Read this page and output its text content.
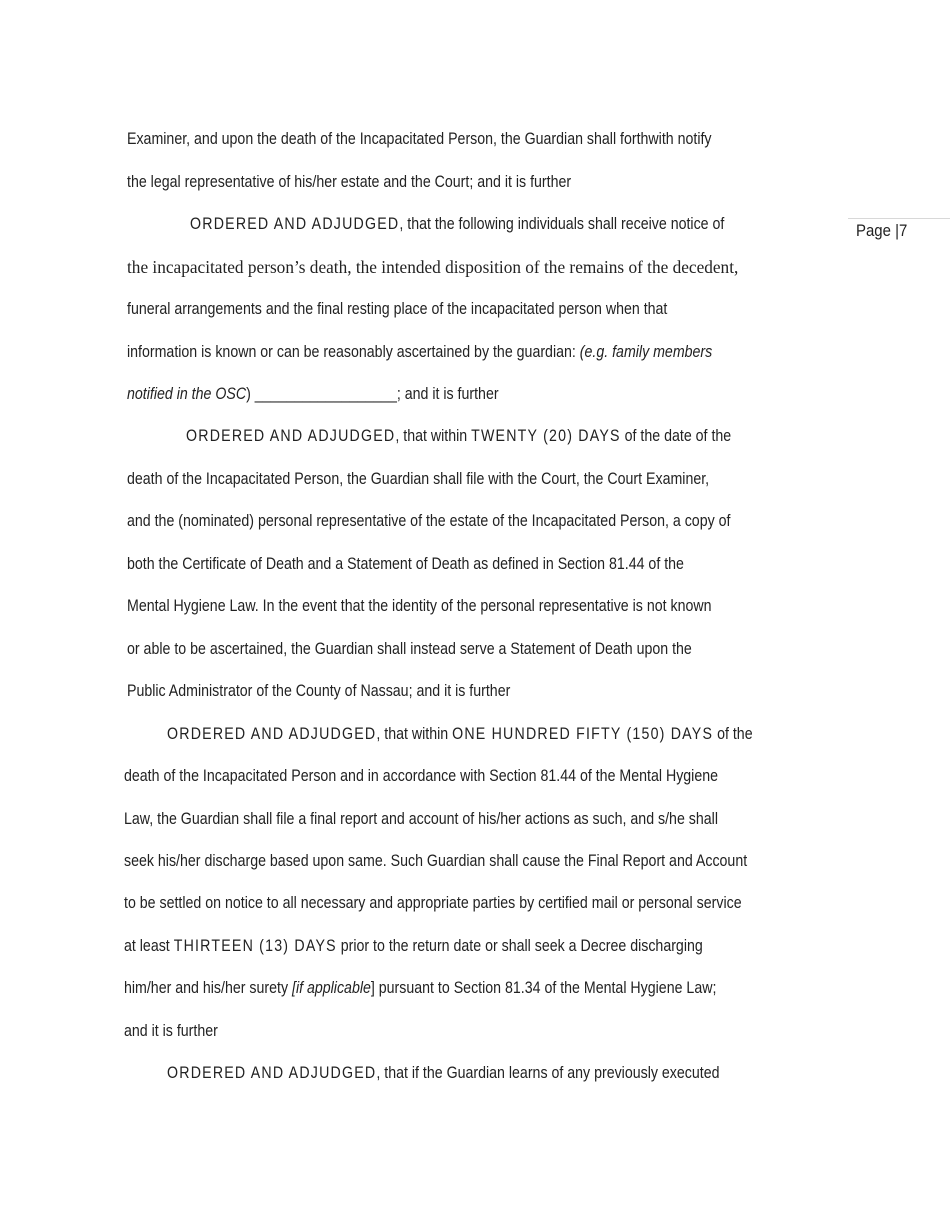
Page |7
Examiner, and upon the death of the Incapacitated Person, the Guardian shall forthwith notify
the legal representative of his/her estate and the Court; and it is further
ORDERED AND ADJUDGED, that the following individuals shall receive notice of
the incapacitated person’s death, the intended disposition of the remains of the decedent,
funeral arrangements and the final resting place of the incapacitated person when that
information is known or can be reasonably ascertained by the guardian: (e.g. family members
notified in the OSC) __________________; and it is further
ORDERED AND ADJUDGED, that within TWENTY (20) DAYS of the date of the
death of the Incapacitated Person, the Guardian shall file with the Court, the Court Examiner,
and the (nominated) personal representative of the estate of the Incapacitated Person, a copy of
both the Certificate of Death and a Statement of Death as defined in Section 81.44 of the
Mental Hygiene Law. In the event that the identity of the personal representative is not known
or able to be ascertained, the Guardian shall instead serve a Statement of Death upon the
Public Administrator of the County of Nassau; and it is further
ORDERED AND ADJUDGED, that within ONE HUNDRED FIFTY (150) DAYS of the
death of the Incapacitated Person and in accordance with Section 81.44 of the Mental Hygiene
Law, the Guardian shall file a final report and account of his/her actions as such, and s/he shall
seek his/her discharge based upon same. Such Guardian shall cause the Final Report and Account
to be settled on notice to all necessary and appropriate parties by certified mail or personal service
at least THIRTEEN (13) DAYS prior to the return date or shall seek a Decree discharging
him/her and his/her surety [if applicable] pursuant to Section 81.34 of the Mental Hygiene Law;
and it is further
ORDERED AND ADJUDGED, that if the Guardian learns of any previously executed
